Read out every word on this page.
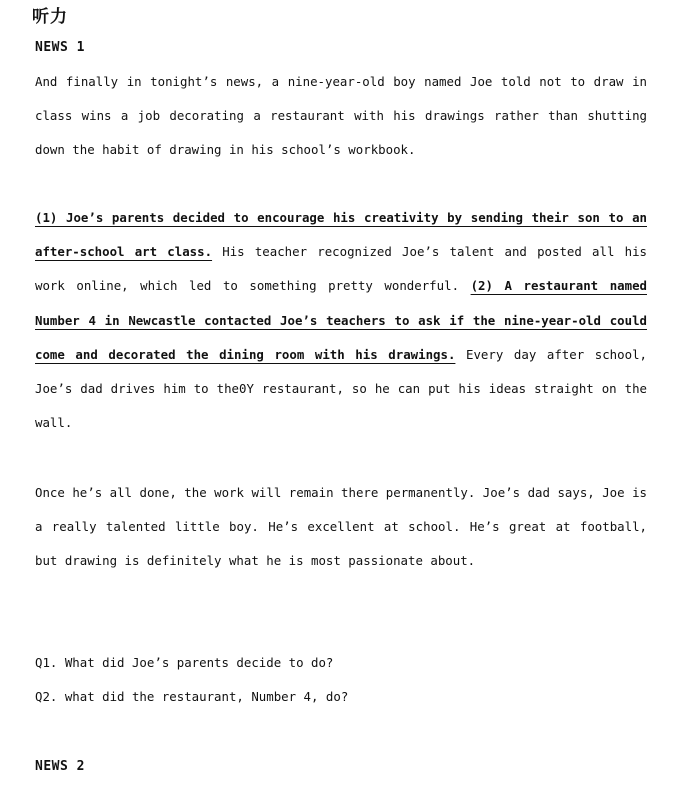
听力
NEWS 1
And finally in tonight’s news, a nine-year-old boy named Joe told not to draw in class wins a job decorating a restaurant with his drawings rather than shutting down the habit of drawing in his school’s workbook.
(1) Joe’s parents decided to encourage his creativity by sending their son to an after-school art class. His teacher recognized Joe’s talent and posted all his work online, which led to something pretty wonderful. (2) A restaurant named Number 4 in Newcastle contacted Joe’s teachers to ask if the nine-year-old could come and decorated the dining room with his drawings. Every day after school, Joe’s dad drives him to the0Y restaurant, so he can put his ideas straight on the wall.
Once he’s all done, the work will remain there permanently. Joe’s dad says, Joe is a really talented little boy. He’s excellent at school. He’s great at football, but drawing is definitely what he is most passionate about.
Q1. What did Joe’s parents decide to do?
Q2. what did the restaurant, Number 4, do?
NEWS 2
